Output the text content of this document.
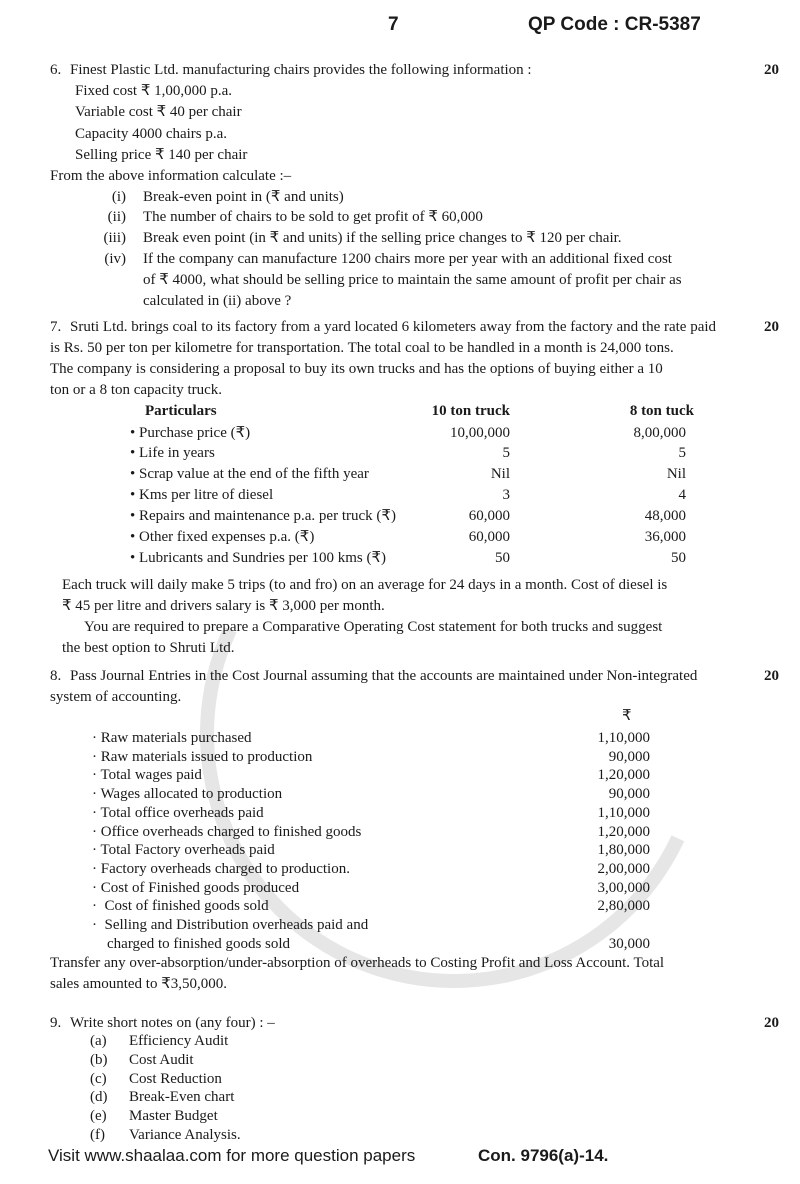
7	QP Code : CR-5387
6. Finest Plastic Ltd. manufacturing chairs provides the following information :	20
Fixed cost ₹ 1,00,000 p.a.
Variable cost ₹ 40 per chair
Capacity 4000 chairs p.a.
Selling price ₹ 140 per chair
From the above information calculate :–
(i) Break-even point in (₹ and units)
(ii) The number of chairs to be sold to get profit of ₹ 60,000
(iii) Break even point (in ₹ and units) if the selling price changes to ₹ 120 per chair.
(iv) If the company can manufacture 1200 chairs more per year with an additional fixed cost
of ₹ 4000, what should be selling price to maintain the same amount of profit per chair as
calculated in (ii) above ?
7. Sruti Ltd. brings coal to its factory from a yard located 6 kilometers away from the factory and the rate paid	20
is Rs. 50 per ton per kilometre for transportation. The total coal to be handled in a month is 24,000 tons.
The company is considering a proposal to buy its own trucks and has the options of buying either a 10
ton or a 8 ton capacity truck.
Particulars	10 ton truck	8 ton tuck
• Purchase price (₹)	10,00,000	8,00,000
• Life in years	5	5
• Scrap value at the end of the fifth year	Nil	Nil
• Kms per litre of diesel	3	4
• Repairs and maintenance p.a. per truck (₹)	60,000	48,000
• Other fixed expenses p.a. (₹)	60,000	36,000
• Lubricants and Sundries per 100 kms (₹)	50	50
Each truck will daily make 5 trips (to and fro) on an average for 24 days in a month. Cost of diesel is
₹ 45 per litre and drivers salary is ₹ 3,000 per month.
You are required to prepare a Comparative Operating Cost statement for both trucks and suggest
the best option to Shruti Ltd.
8. Pass Journal Entries in the Cost Journal assuming that the accounts are maintained under Non-integrated	20
system of accounting.
₹
· Raw materials purchased	1,10,000
· Raw materials issued to production	90,000
· Total wages paid	1,20,000
· Wages allocated to production	90,000
· Total office overheads paid	1,10,000
· Office overheads charged to finished goods	1,20,000
· Total Factory overheads paid	1,80,000
· Factory overheads charged to production.	2,00,000
· Cost of Finished goods produced	3,00,000
·  Cost of finished goods sold	2,80,000
·  Selling and Distribution overheads paid and
charged to finished goods sold	30,000
Transfer any over-absorption/under-absorption of overheads to Costing Profit and Loss Account. Total
sales amounted to ₹3,50,000.
9. Write short notes on (any four) : –	20
(a) Efficiency Audit
(b) Cost Audit
(c) Cost Reduction
(d) Break-Even chart
(e) Master Budget
(f) Variance Analysis.
Visit www.shaalaa.com for more question papers	Con. 9796(a)-14.
